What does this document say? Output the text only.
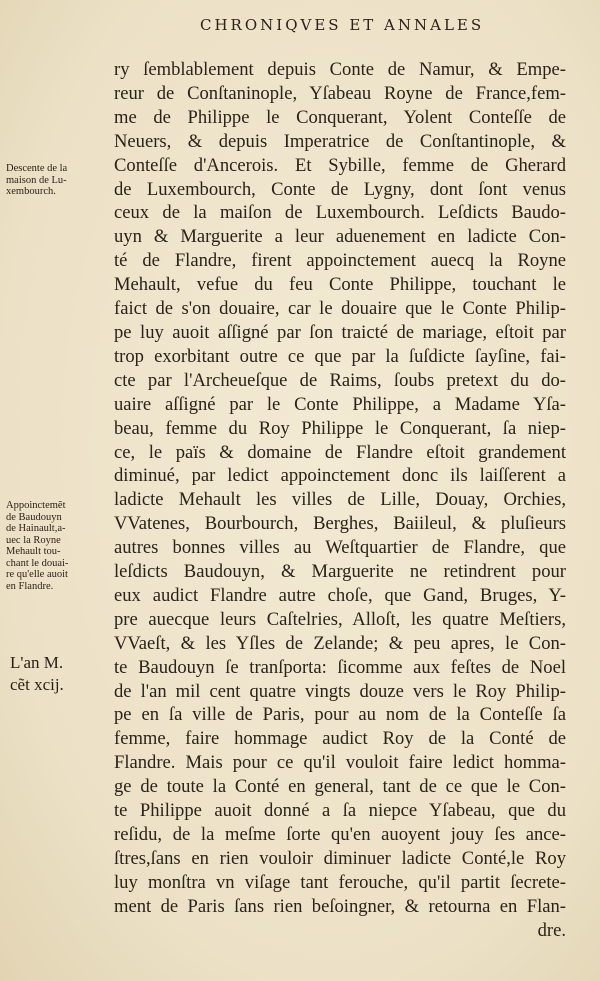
CHRONIQVES ET ANNALES
Descente de la
maison de Lu-
xembourch.
Appoinctemẽt
de Baudouyn
de Hainault,a-
uec la Royne
Mehault tou-
chant le douai-
re qu'elle auoit
en Flandre.
L'an M.
cẽt xcij.
ry ſemblablement depuis Conte de Namur, & Empe-
reur de Conſtaninople, Yſabeau Royne de France,fem-
me de Philippe le Conquerant, Yolent Conteſſe de
Neuers, & depuis Imperatrice de Conſtantinople, &
Conteſſe d'Ancerois. Et Sybille, femme de Gherard
de Luxembourch, Conte de Lygny, dont ſont venus
ceux de la maiſon de Luxembourch. Leſdicts Baudo-
uyn & Marguerite a leur aduenement en ladicte Con-
té de Flandre, firent appoinctement auecq la Royne
Mehault, vefue du feu Conte Philippe, touchant le
faict de s'on douaire, car le douaire que le Conte Philip-
pe luy auoit aſſigné par ſon traicté de mariage, eſtoit par
trop exorbitant outre ce que par la ſuſdicte ſayſine, fai-
cte par l'Archeueſque de Raims, ſoubs pretext du do-
uaire aſſigné par le Conte Philippe, a Madame Yſa-
beau, femme du Roy Philippe le Conquerant, ſa niep-
ce, le païs & domaine de Flandre eſtoit grandement
diminué, par ledict appoinctement donc ils laiſſerent a
ladicte Mehault les villes de Lille, Douay, Orchies,
VVatenes, Bourbourch, Berghes, Baiileul, & pluſieurs
autres bonnes villes au Weſtquartier de Flandre, que
leſdicts Baudouyn, & Marguerite ne retindrent pour
eux audict Flandre autre choſe, que Gand, Bruges, Y-
pre auecque leurs Caſtelries, Alloſt, les quatre Meſtiers,
VVaeſt, & les Yſles de Zelande; & peu apres, le Con-
te Baudouyn ſe tranſporta: ſicomme aux feſtes de Noel
de l'an mil cent quatre vingts douze vers le Roy Philip-
pe en ſa ville de Paris, pour au nom de la Conteſſe ſa
femme, faire hommage audict Roy de la Conté de
Flandre. Mais pour ce qu'il vouloit faire ledict homma-
ge de toute la Conté en general, tant de ce que le Con-
te Philippe auoit donné a ſa niepce Yſabeau, que du
reſidu, de la meſme ſorte qu'en auoyent jouy ſes ance-
ſtres,ſans en rien vouloir diminuer ladicte Conté,le Roy
luy monſtra vn viſage tant ferouche, qu'il partit ſecrete-
ment de Paris ſans rien beſoingner, & retourna en Flan-
dre.
